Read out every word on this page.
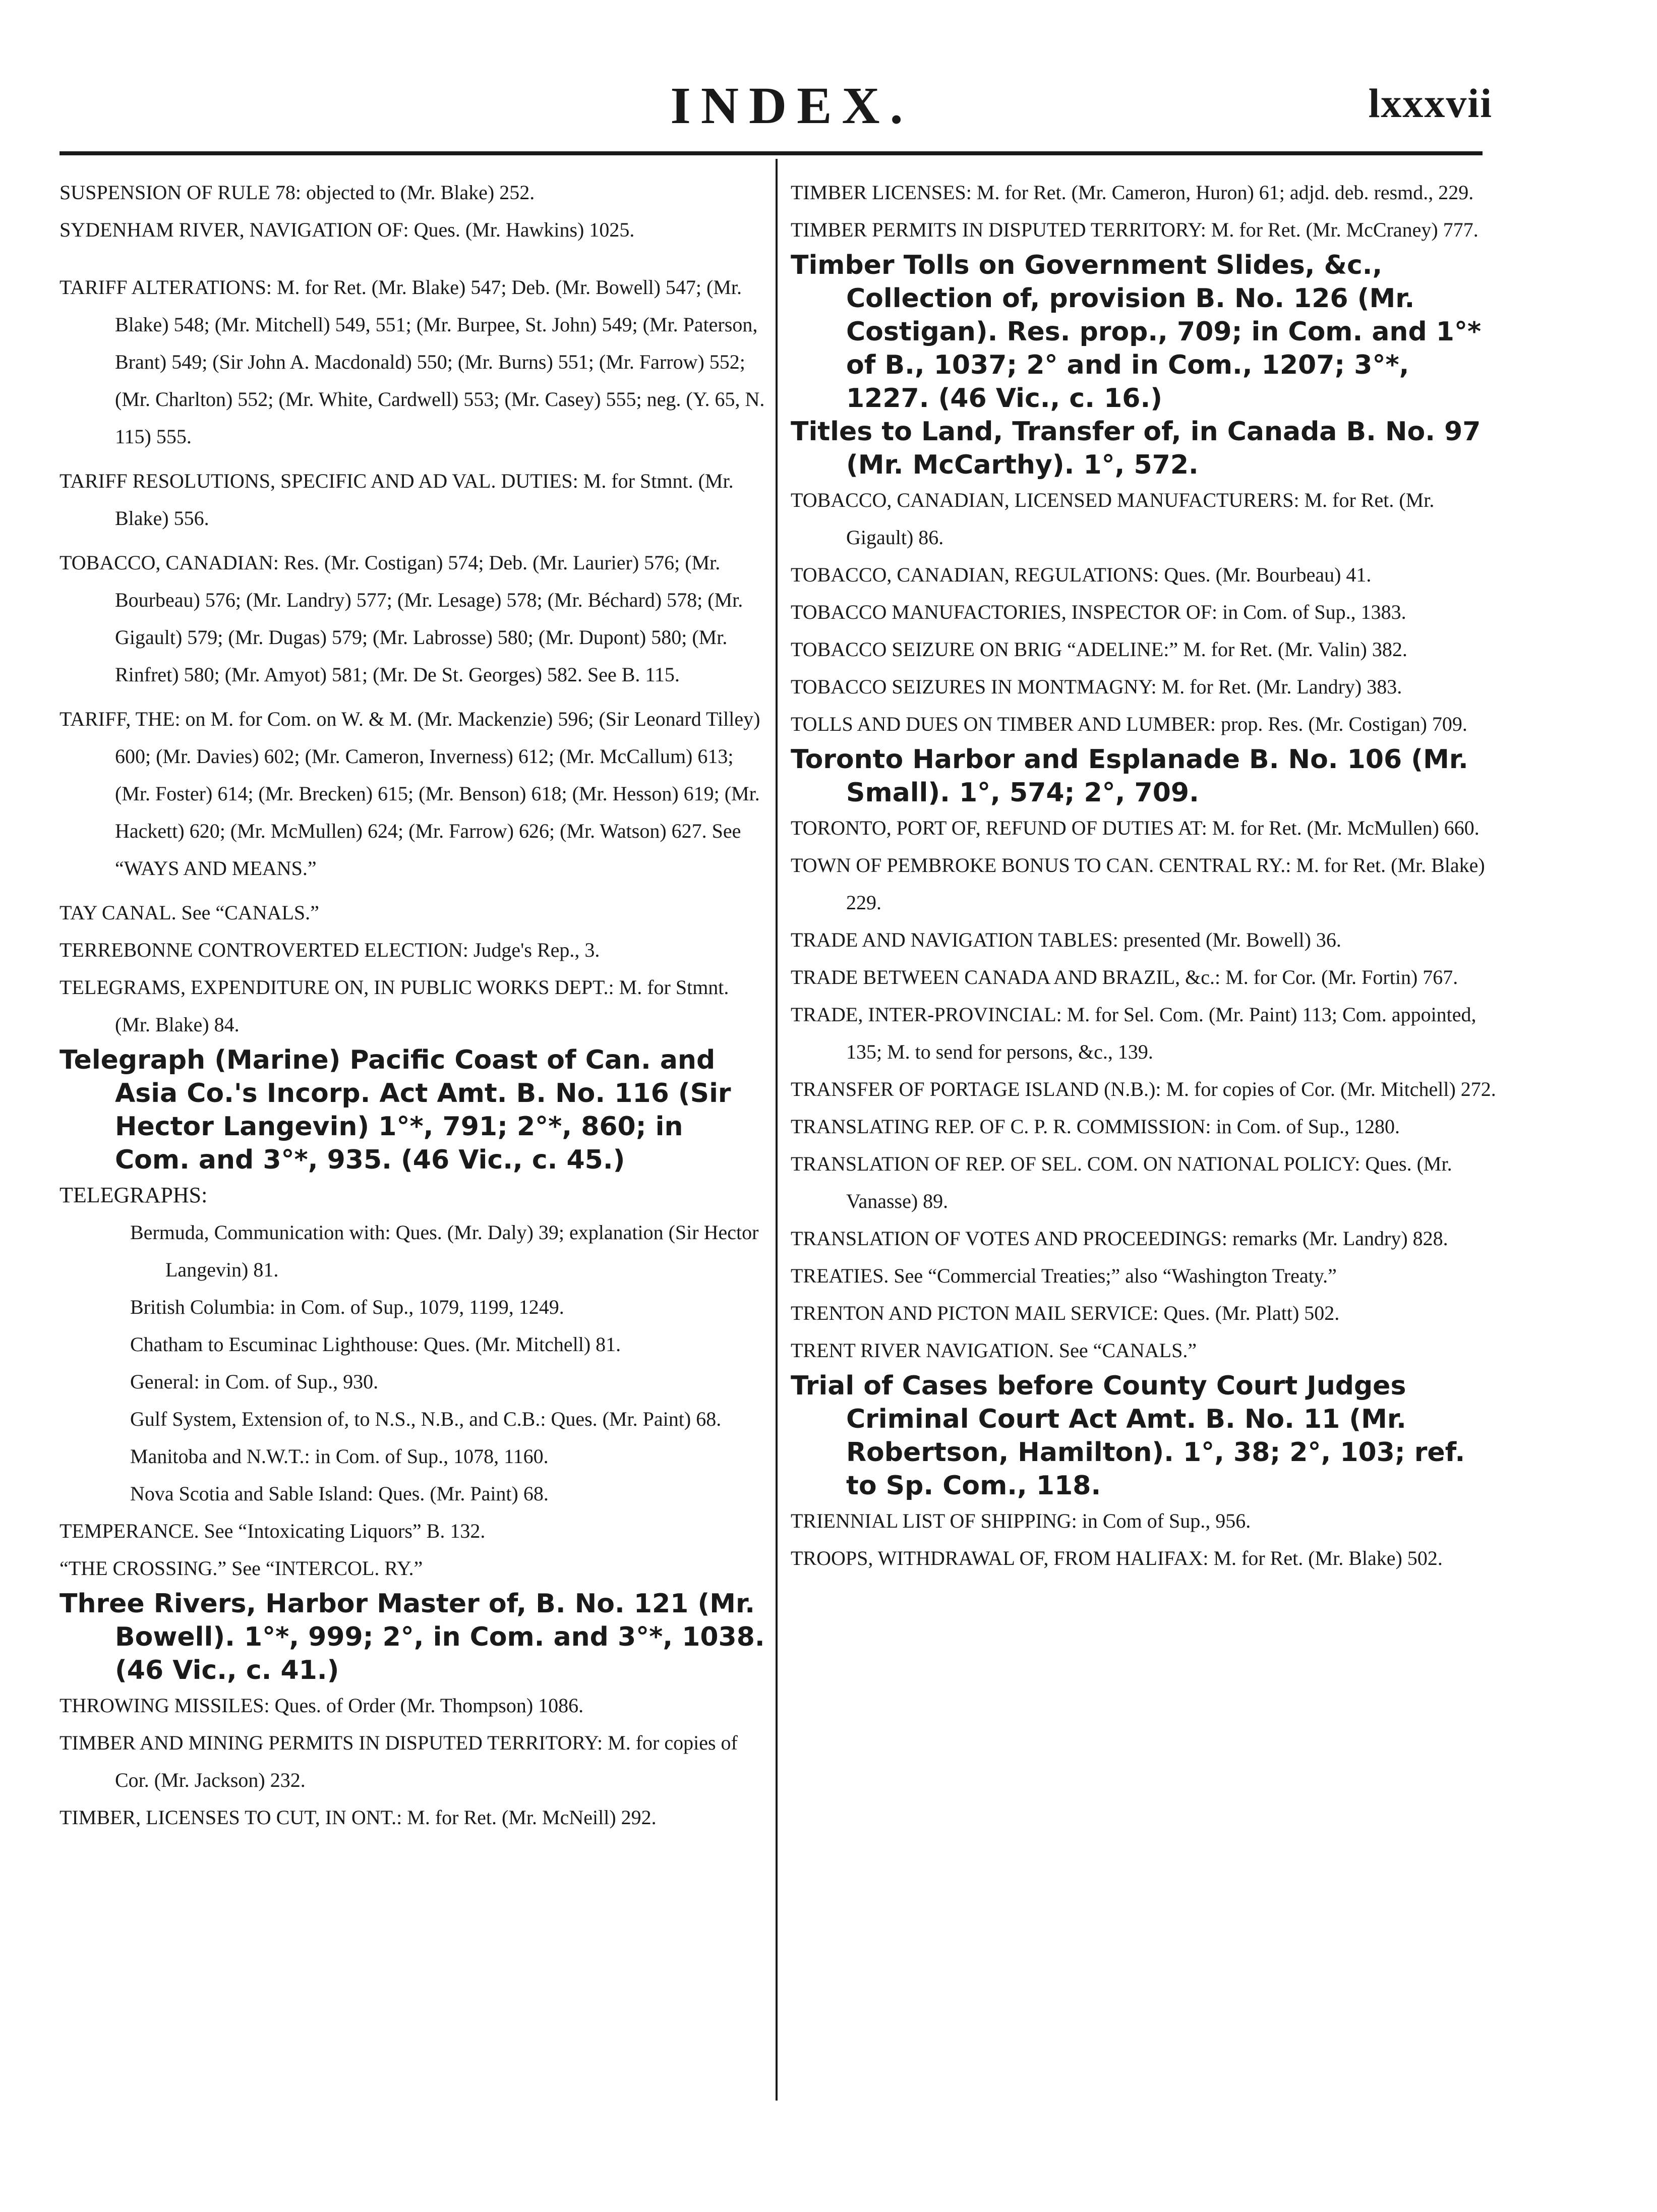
INDEX.	lxxxvii

SUSPENSION OF RULE 78: objected to (Mr. Blake) 252.

SYDENHAM RIVER, NAVIGATION OF: Ques. (Mr. Hawkins) 1025.

TARIFF ALTERATIONS: M. for Ret. (Mr. Blake) 547; Deb. (Mr. Bowell) 547; (Mr. Blake) 548; (Mr. Mitchell) 549, 551; (Mr. Burpee, St. John) 549; (Mr. Paterson, Brant) 549; (Sir John A. Macdonald) 550; (Mr. Burns) 551; (Mr. Farrow) 552; (Mr. Charlton) 552; (Mr. White, Cardwell) 553; (Mr. Casey) 555; neg. (Y. 65, N. 115) 555.

TARIFF RESOLUTIONS, SPECIFIC AND AD VAL. DUTIES: M. for Stmnt. (Mr. Blake) 556.

TOBACCO, CANADIAN: Res. (Mr. Costigan) 574; Deb. (Mr. Laurier) 576; (Mr. Bourbeau) 576; (Mr. Landry) 577; (Mr. Lesage) 578; (Mr. Béchard) 578; (Mr. Gigault) 579; (Mr. Dugas) 579; (Mr. Labrosse) 580; (Mr. Dupont) 580; (Mr. Rinfret) 580; (Mr. Amyot) 581; (Mr. De St. Georges) 582. See B. 115.

TARIFF, THE: on M. for Com. on W. & M. (Mr. Mackenzie) 596; (Sir Leonard Tilley) 600; (Mr. Davies) 602; (Mr. Cameron, Inverness) 612; (Mr. McCallum) 613; (Mr. Foster) 614; (Mr. Brecken) 615; (Mr. Benson) 618; (Mr. Hesson) 619; (Mr. Hackett) 620; (Mr. McMullen) 624; (Mr. Farrow) 626; (Mr. Watson) 627. See “WAYS AND MEANS.”

TAY CANAL. See “CANALS.”

TERREBONNE CONTROVERTED ELECTION: Judge's Rep., 3.

TELEGRAMS, EXPENDITURE ON, IN PUBLIC WORKS DEPT.: M. for Stmnt. (Mr. Blake) 84.

Telegraph (Marine) Pacific Coast of Can. and Asia Co.'s Incorp. Act Amt. B. No. 116 (Sir Hector Langevin) 1°*, 791; 2°*, 860; in Com. and 3°*, 935. (46 Vic., c. 45.)

TELEGRAPHS:

Bermuda, Communication with: Ques. (Mr. Daly) 39; explanation (Sir Hector Langevin) 81.

British Columbia: in Com. of Sup., 1079, 1199, 1249.

Chatham to Escuminac Lighthouse: Ques. (Mr. Mitchell) 81.

General: in Com. of Sup., 930.

Gulf System, Extension of, to N.S., N.B., and C.B.: Ques. (Mr. Paint) 68.

Manitoba and N.W.T.: in Com. of Sup., 1078, 1160.

Nova Scotia and Sable Island: Ques. (Mr. Paint) 68.

TEMPERANCE. See “Intoxicating Liquors” B. 132.

“THE CROSSING.” See “INTERCOL. RY.”

Three Rivers, Harbor Master of, B. No. 121 (Mr. Bowell). 1°*, 999; 2°, in Com. and 3°*, 1038. (46 Vic., c. 41.)

THROWING MISSILES: Ques. of Order (Mr. Thompson) 1086.

TIMBER AND MINING PERMITS IN DISPUTED TERRITORY: M. for copies of Cor. (Mr. Jackson) 232.

TIMBER, LICENSES TO CUT, IN ONT.: M. for Ret. (Mr. McNeill) 292.

TIMBER LICENSES: M. for Ret. (Mr. Cameron, Huron) 61; adjd. deb. resmd., 229.

TIMBER PERMITS IN DISPUTED TERRITORY: M. for Ret. (Mr. McCraney) 777.

Timber Tolls on Government Slides, &c., Collection of, provision B. No. 126 (Mr. Costigan). Res. prop., 709; in Com. and 1°* of B., 1037; 2° and in Com., 1207; 3°*, 1227. (46 Vic., c. 16.)

Titles to Land, Transfer of, in Canada B. No. 97 (Mr. McCarthy). 1°, 572.

TOBACCO, CANADIAN, LICENSED MANUFACTURERS: M. for Ret. (Mr. Gigault) 86.

TOBACCO, CANADIAN, REGULATIONS: Ques. (Mr. Bourbeau) 41.

TOBACCO MANUFACTORIES, INSPECTOR OF: in Com. of Sup., 1383.

TOBACCO SEIZURE ON BRIG “ADELINE:” M. for Ret. (Mr. Valin) 382.

TOBACCO SEIZURES IN MONTMAGNY: M. for Ret. (Mr. Landry) 383.

TOLLS AND DUES ON TIMBER AND LUMBER: prop. Res. (Mr. Costigan) 709.

Toronto Harbor and Esplanade B. No. 106 (Mr. Small). 1°, 574; 2°, 709.

TORONTO, PORT OF, REFUND OF DUTIES AT: M. for Ret. (Mr. McMullen) 660.

TOWN OF PEMBROKE BONUS TO CAN. CENTRAL RY.: M. for Ret. (Mr. Blake) 229.

TRADE AND NAVIGATION TABLES: presented (Mr. Bowell) 36.

TRADE BETWEEN CANADA AND BRAZIL, &c.: M. for Cor. (Mr. Fortin) 767.

TRADE, INTER-PROVINCIAL: M. for Sel. Com. (Mr. Paint) 113; Com. appointed, 135; M. to send for persons, &c., 139.

TRANSFER OF PORTAGE ISLAND (N.B.): M. for copies of Cor. (Mr. Mitchell) 272.

TRANSLATING REP. OF C. P. R. COMMISSION: in Com. of Sup., 1280.

TRANSLATION OF REP. OF SEL. COM. ON NATIONAL POLICY: Ques. (Mr. Vanasse) 89.

TRANSLATION OF VOTES AND PROCEEDINGS: remarks (Mr. Landry) 828.

TREATIES. See “Commercial Treaties;” also “Washington Treaty.”

TRENTON AND PICTON MAIL SERVICE: Ques. (Mr. Platt) 502.

TRENT RIVER NAVIGATION. See “CANALS.”

Trial of Cases before County Court Judges Criminal Court Act Amt. B. No. 11 (Mr. Robertson, Hamilton). 1°, 38; 2°, 103; ref. to Sp. Com., 118.

TRIENNIAL LIST OF SHIPPING: in Com of Sup., 956.

TROOPS, WITHDRAWAL OF, FROM HALIFAX: M. for Ret. (Mr. Blake) 502.
